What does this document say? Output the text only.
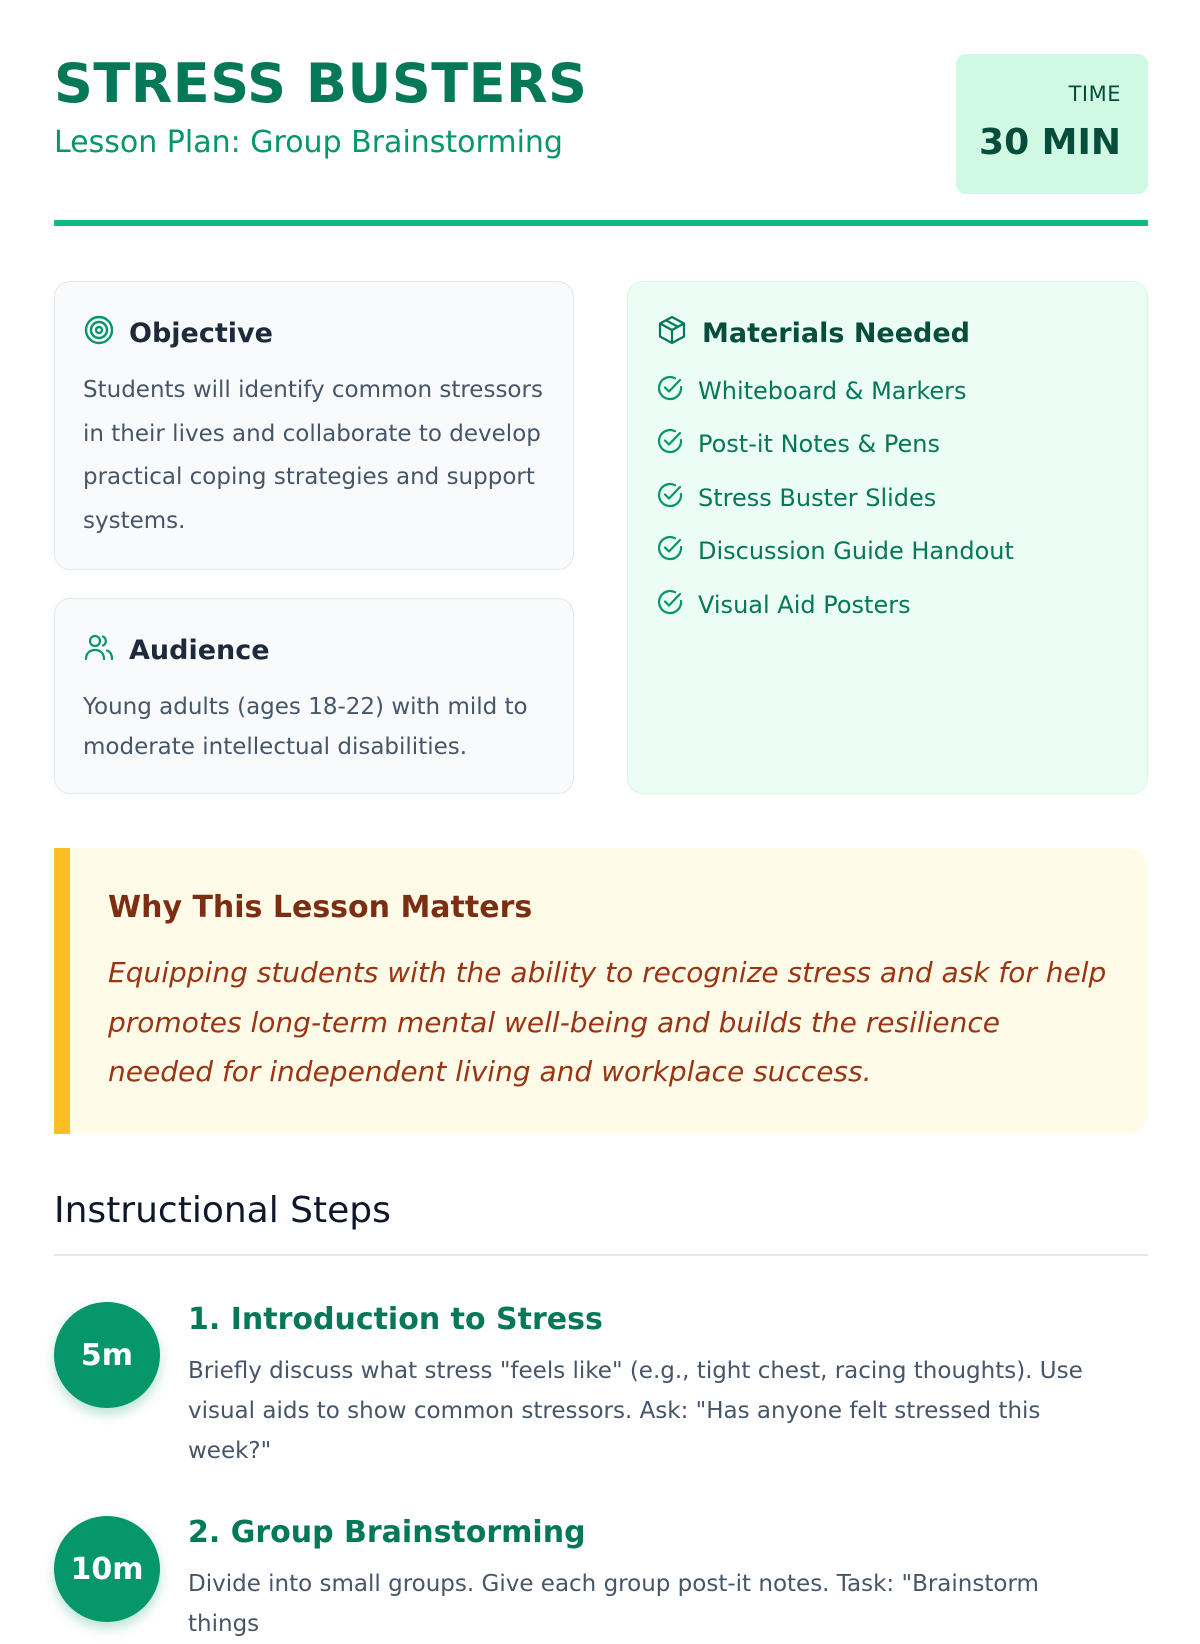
STRESS BUSTERS
Lesson Plan: Group Brainstorming
TIME
30 MIN
Objective
Students will identify common stressors in their lives and collaborate to develop practical coping strategies and support systems.
Audience
Young adults (ages 18-22) with mild to moderate intellectual disabilities.
Materials Needed
Whiteboard & Markers
Post-it Notes & Pens
Stress Buster Slides
Discussion Guide Handout
Visual Aid Posters
Why This Lesson Matters
Equipping students with the ability to recognize stress and ask for help promotes long-term mental well-being and builds the resilience needed for independent living and workplace success.
Instructional Steps
5m
1. Introduction to Stress
Briefly discuss what stress "feels like" (e.g., tight chest, racing thoughts). Use visual aids to show common stressors. Ask: "Has anyone felt stressed this week?"
10m
2. Group Brainstorming
Divide into small groups. Give each group post-it notes. Task: "Brainstorm things
